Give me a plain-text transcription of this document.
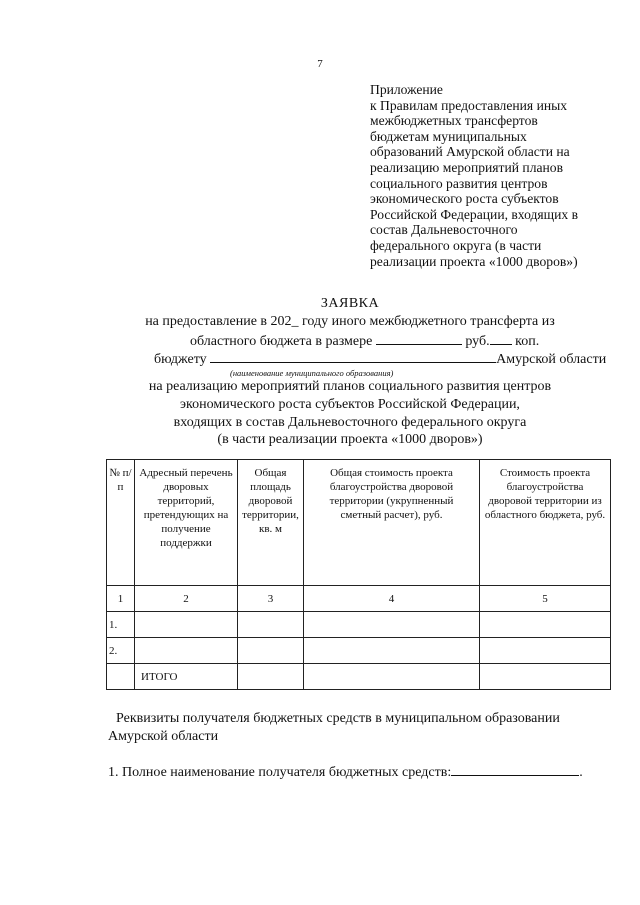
7
Приложение
к Правилам предоставления иных
межбюджетных трансфертов
бюджетам муниципальных
образований Амурской области на
реализацию мероприятий планов
социального развития центров
экономического роста субъектов
Российской Федерации, входящих в
состав Дальневосточного
федерального округа (в части
реализации проекта «1000 дворов»)
ЗАЯВКА
на предоставление в 202_ году иного межбюджетного трансферта из
областного бюджета в размере	руб. коп.
бюджету	Амурской области
(наименование муниципального образования)
на реализацию мероприятий планов социального развития центров
экономического роста субъектов Российской Федерации,
входящих в состав Дальневосточного федерального округа
(в части реализации проекта «1000 дворов»)
№ п/п	Адресный перечень дворовых территорий, претендующих на получение поддержки	Общая площадь дворовой территории, кв. м	Общая стоимость проекта благоустройства дворовой территории (укрупненный сметный расчет), руб.	Стоимость проекта благоустройства дворовой территории из областного бюджета, руб.
1	2	3	4	5
1.				
2.				
	ИТОГО			
Реквизиты получателя бюджетных средств в муниципальном образовании
Амурской области
1. Полное наименование получателя бюджетных средств:	.
